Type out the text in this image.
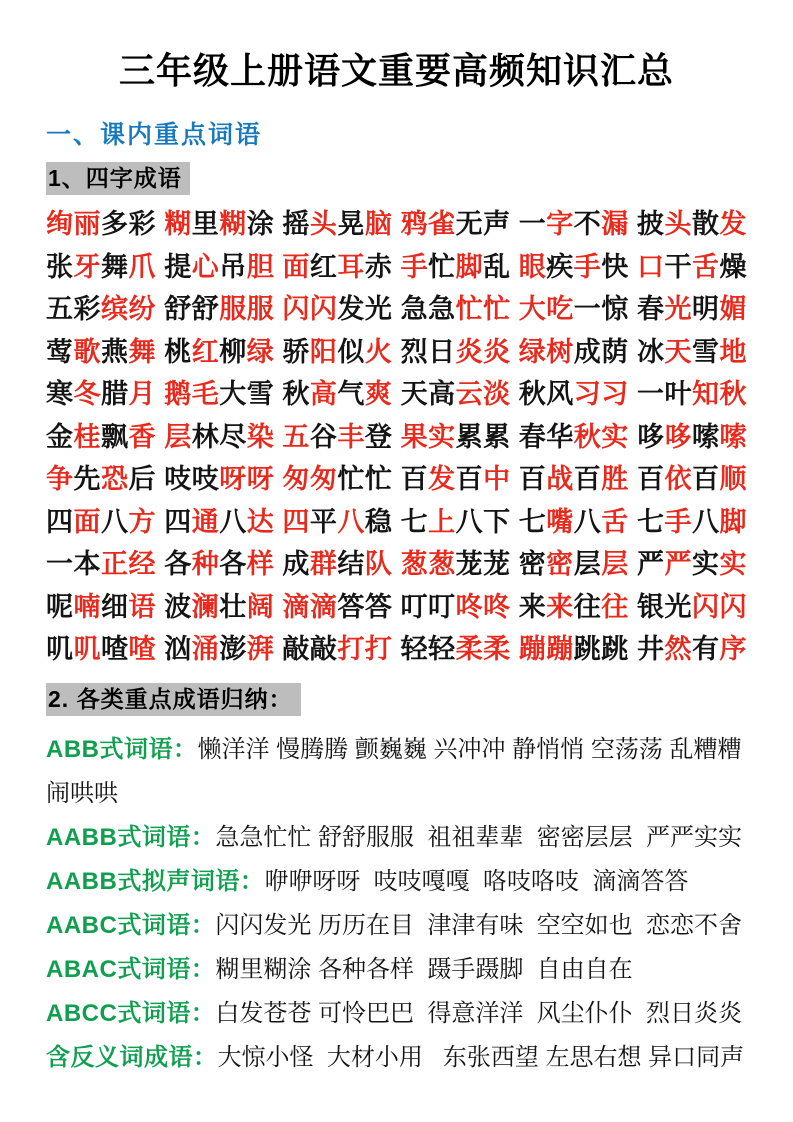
三年级上册语文重要高频知识汇总
一、课内重点词语
1、四字成语
绚丽多彩 糊里糊涂 摇头晃脑 鸦雀无声 一字不漏 披头散发
张牙舞爪 提心吊胆 面红耳赤 手忙脚乱 眼疾手快 口干舌燥
五彩缤纷 舒舒服服 闪闪发光 急急忙忙 大吃一惊 春光明媚
莺歌燕舞 桃红柳绿 骄阳似火 烈日炎炎 绿树成荫 冰天雪地
寒冬腊月 鹅毛大雪 秋高气爽 天高云淡 秋风习习 一叶知秋
金桂飘香 层林尽染 五谷丰登 果实累累 春华秋实 哆哆嗦嗦
争先恐后 吱吱呀呀 匆匆忙忙 百发百中 百战百胜 百依百顺
四面八方 四通八达 四平八稳 七上八下 七嘴八舌 七手八脚
一本正经 各种各样 成群结队 葱葱茏茏 密密层层 严严实实
呢喃细语 波澜壮阔 滴滴答答 叮叮咚咚 来来往往 银光闪闪
叽叽喳喳 汹涌澎湃 敲敲打打 轻轻柔柔 蹦蹦跳跳 井然有序
2. 各类重点成语归纳：
ABB式词语：懒洋洋 慢腾腾 颤巍巍 兴冲冲 静悄悄 空荡荡 乱糟糟 闹哄哄
AABB式词语：急急忙忙 舒舒服服  祖祖辈辈  密密层层  严严实实
AABB式拟声词语：咿咿呀呀  吱吱嘎嘎  咯吱咯吱  滴滴答答
AABC式词语：闪闪发光 历历在目  津津有味  空空如也  恋恋不舍
ABAC式词语：糊里糊涂 各种各样  蹑手蹑脚  自由自在
ABCC式词语：白发苍苍 可怜巴巴  得意洋洋  风尘仆仆  烈日炎炎
含反义词成语：大惊小怪  大材小用   东张西望 左思右想 异口同声
